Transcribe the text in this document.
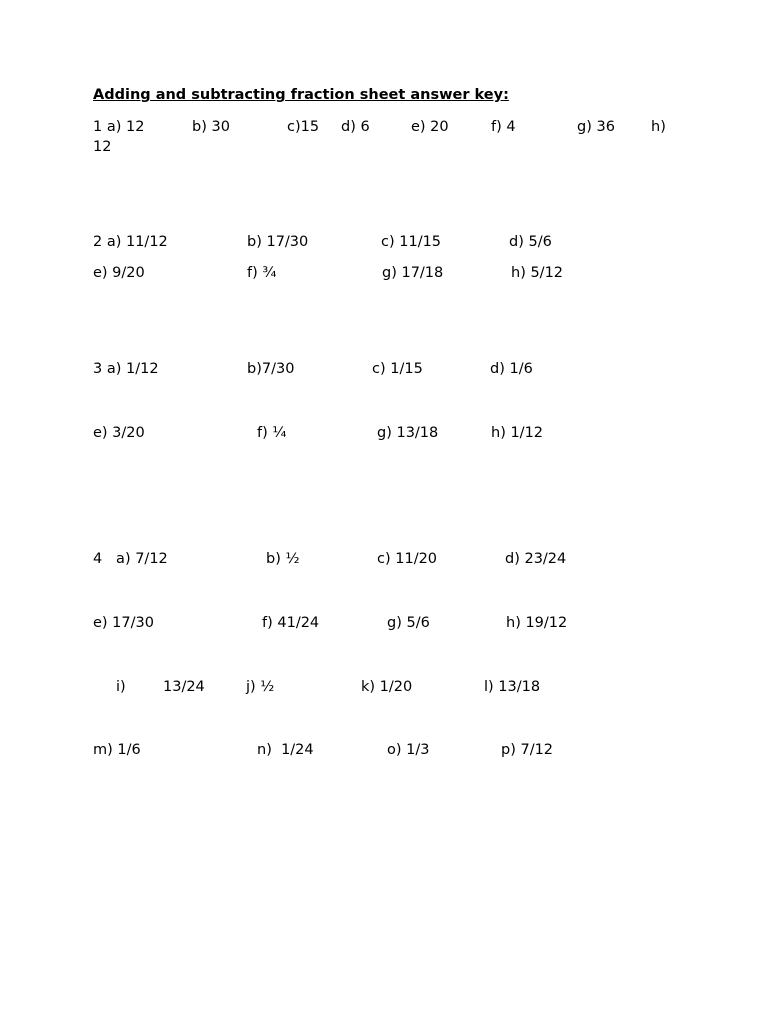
Adding and subtracting fraction sheet answer key:
1 a) 12	b) 30	c)15 d) 6	e) 20	f) 4	g) 36 h)
12
2 a) 11/12	b) 17/30	c) 11/15	d) 5/6
e) 9/20	f) ¾	g) 17/18	h) 5/12
3 a) 1/12	b)7/30	c) 1/15	d) 1/6
e) 3/20	f) ¼	g) 13/18	h) 1/12
4   a) 7/12	b) ½	c) 11/20	d) 23/24
e) 17/30	f) 41/24	g) 5/6	h) 19/12
i)	13/24	j) ½	k) 1/20	l) 13/18
m) 1/6	n)  1/24	o) 1/3	p) 7/12
